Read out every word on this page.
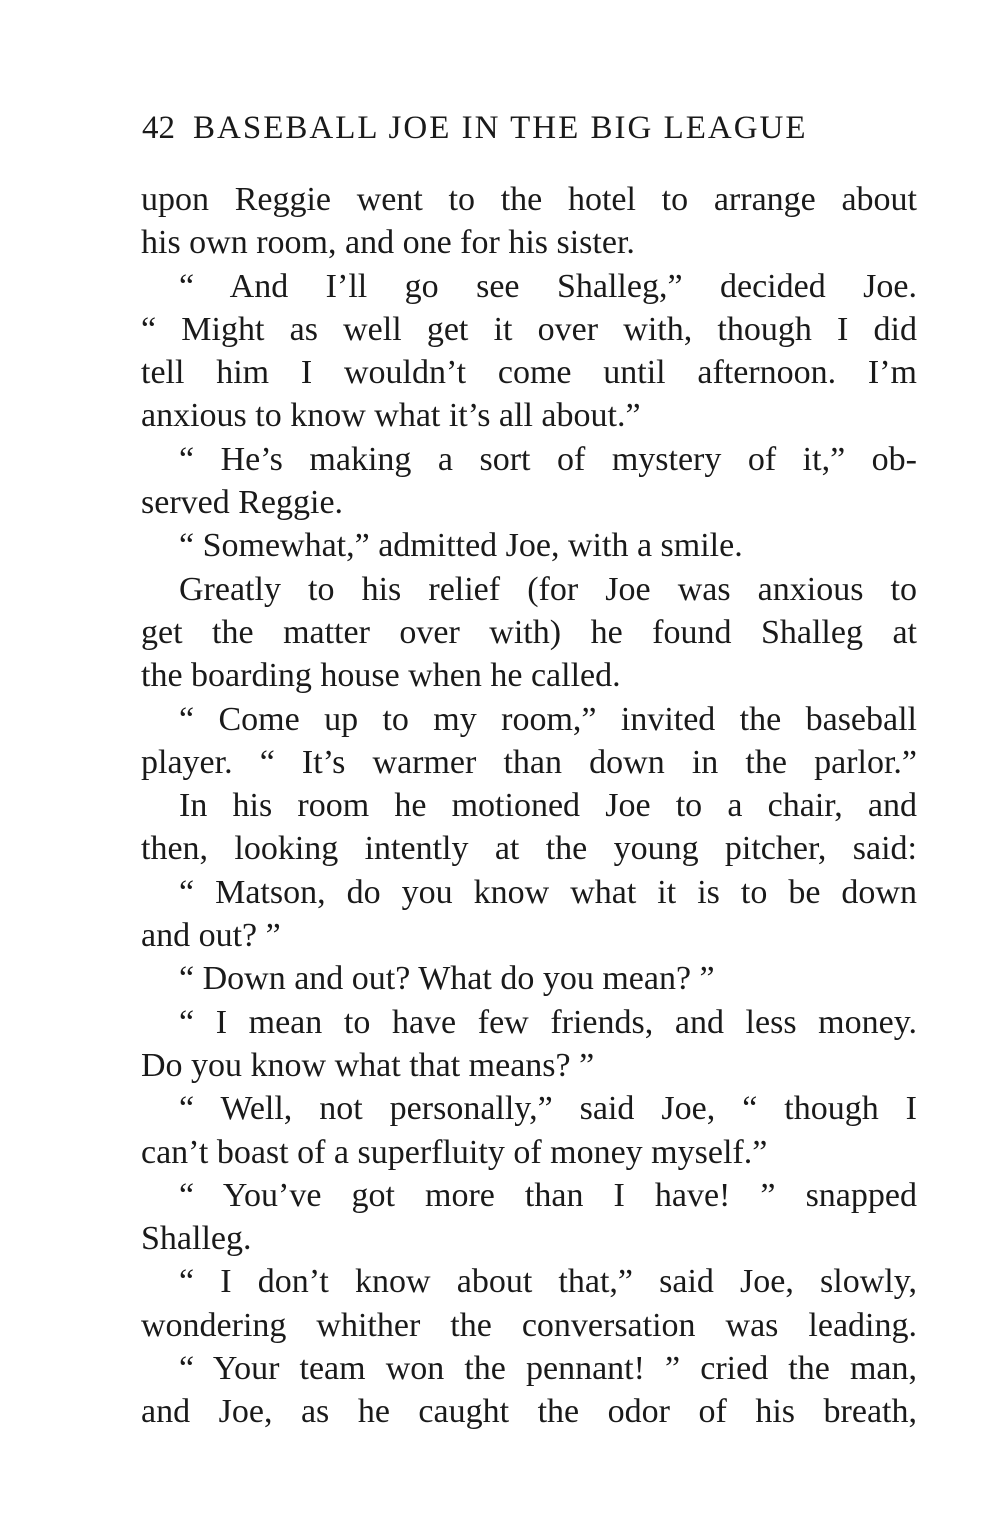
42 BASEBALL JOE IN THE BIG LEAGUE
upon Reggie went to the hotel to arrange about
his own room, and one for his sister.
“ And I’ll go see Shalleg,” decided Joe.
“ Might as well get it over with, though I did
tell him I wouldn’t come until afternoon. I’m
anxious to know what it’s all about.”
“ He’s making a sort of mystery of it,” ob-
served Reggie.
“ Somewhat,” admitted Joe, with a smile.
Greatly to his relief (for Joe was anxious to
get the matter over with) he found Shalleg at
the boarding house when he called.
“ Come up to my room,” invited the baseball
player. “ It’s warmer than down in the parlor.”
In his room he motioned Joe to a chair, and
then, looking intently at the young pitcher, said:
“ Matson, do you know what it is to be down
and out? ”
“ Down and out? What do you mean? ”
“ I mean to have few friends, and less money.
Do you know what that means? ”
“ Well, not personally,” said Joe, “ though I
can’t boast of a superfluity of money myself.”
“ You’ve got more than I have! ” snapped
Shalleg.
“ I don’t know about that,” said Joe, slowly,
wondering whither the conversation was leading.
“ Your team won the pennant! ” cried the man,
and Joe, as he caught the odor of his breath,
